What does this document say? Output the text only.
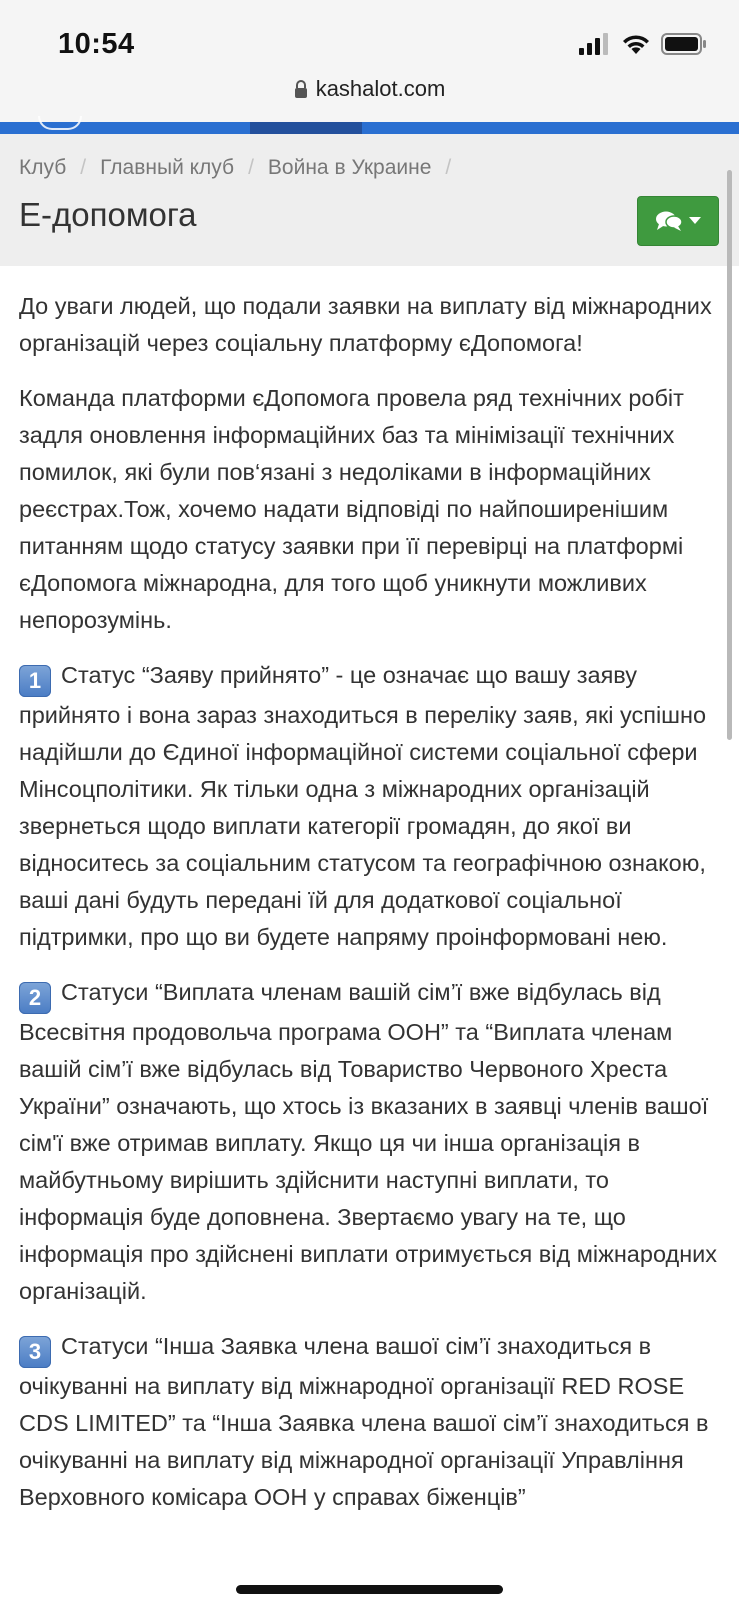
10:54
kashalot.com
Клуб / Главный клуб / Война в Украине /
Е-допомога

До уваги людей, що подали заявки на виплату від міжнародних організацій через соціальну платформу єДопомога!

Команда платформи єДопомога провела ряд технічних робіт задля оновлення інформаційних баз та мінімізації технічних помилок, які були пов‘язані з недоліками в інформаційних реєстрах.Тож, хочемо надати відповіді по найпоширенішим питанням щодо статусу заявки при її перевірці на платформі єДопомога міжнародна, для того щоб уникнути можливих непорозумінь.

1 Статус “Заяву прийнято” - це означає що вашу заяву прийнято і вона зараз знаходиться в переліку заяв, які успішно надійшли до Єдиної інформаційної системи соціальної сфери Мінсоцполітики. Як тільки одна з міжнародних організацій звернеться щодо виплати категорії громадян, до якої ви відноситесь за соціальним статусом та географічною ознакою, ваші дані будуть передані їй для додаткової соціальної підтримки, про що ви будете напряму проінформовані нею.

2 Статуси “Виплата членам вашій сім’ї вже відбулась від Всесвітня продовольча програма ООН” та “Виплата членам вашій сім’ї вже відбулась від Товариство Червоного Хреста України” означають, що хтось із вказаних в заявці членів вашої сім'ї вже отримав виплату. Якщо ця чи інша організація в майбутньому вирішить здійснити наступні виплати, то інформація буде доповнена. Звертаємо увагу на те, що інформація про здійснені виплати отримується від міжнародних організацій.

3 Статуси “Інша Заявка члена вашої сім’ї знаходиться в очікуванні на виплату від міжнародної організації RED ROSE CDS LIMITED” та “Інша Заявка члена вашої сім’ї знаходиться в очікуванні на виплату від міжнародної організації Управління Верховного комісара ООН у справах біженців”
